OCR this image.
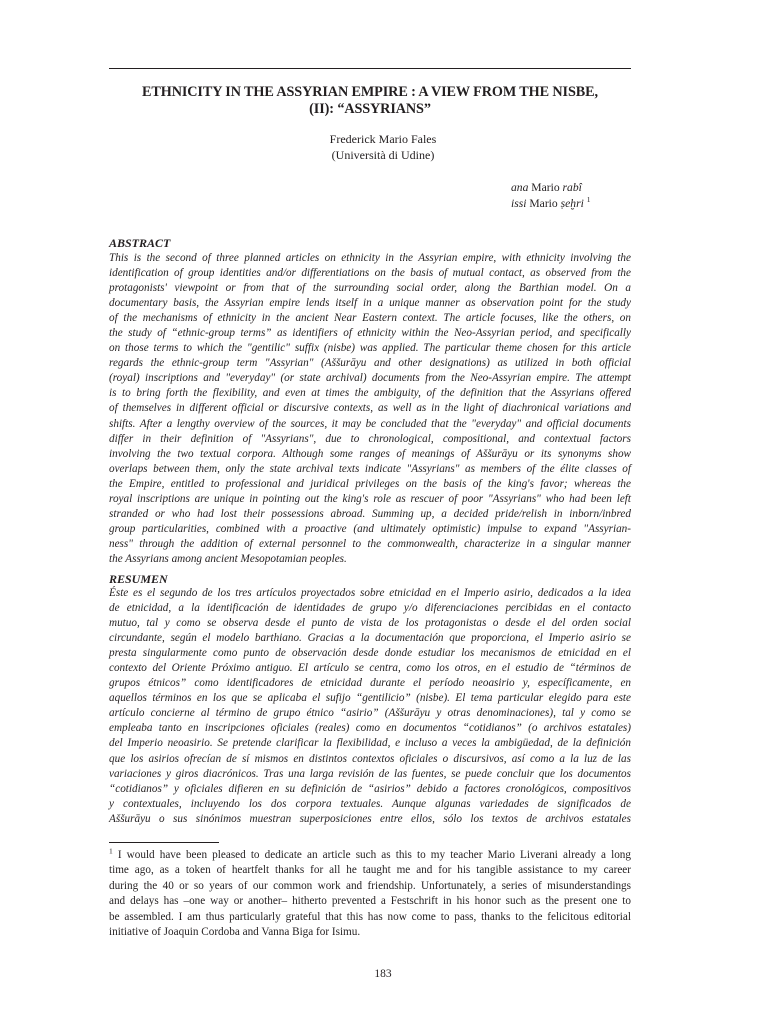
ETHNICITY IN THE ASSYRIAN EMPIRE : A VIEW FROM THE NISBE,
(II): “ASSYRIANS”
Frederick Mario Fales
(Università di Udine)
ana Mario rabî
issi Mario ṣeḫri $^1$
ABSTRACT
This is the second of three planned articles on ethnicity in the Assyrian empire, with ethnicity involving the
identification of group identities and/or differentiations on the basis of mutual contact, as observed from the
protagonists' viewpoint or from that of the surrounding social order, along the Barthian model. On a
documentary basis, the Assyrian empire lends itself in a unique manner as observation point for the study
of the mechanisms of ethnicity in the ancient Near Eastern context. The article focuses, like the others, on
the study of “ethnic-group terms” as identifiers of ethnicity within the Neo-Assyrian period, and specifically
on those terms to which the "gentilic" suffix (nisbe) was applied. The particular theme chosen for this article
regards the ethnic-group term "Assyrian" (Aššurāyu and other designations) as utilized in both official
(royal) inscriptions and "everyday" (or state archival) documents from the Neo-Assyrian empire. The attempt
is to bring forth the flexibility, and even at times the ambiguity, of the definition that the Assyrians offered
of themselves in different official or discursive contexts, as well as in the light of diachronical variations and
shifts. After a lengthy overview of the sources, it may be concluded that the "everyday" and official documents
differ in their definition of "Assyrians", due to chronological, compositional, and contextual factors
involving the two textual corpora. Although some ranges of meanings of Aššurāyu or its synonyms show
overlaps between them, only the state archival texts indicate "Assyrians" as members of the élite classes of
the Empire, entitled to professional and juridical privileges on the basis of the king's favor; whereas the
royal inscriptions are unique in pointing out the king's role as rescuer of poor "Assyrians" who had been left
stranded or who had lost their possessions abroad. Summing up, a decided pride/relish in inborn/inbred
group particularities, combined with a proactive (and ultimately optimistic) impulse to expand "Assyrian-
ness" through the addition of external personnel to the commonwealth, characterize in a singular manner
the Assyrians among ancient Mesopotamian peoples.
RESUMEN
Éste es el segundo de los tres artículos proyectados sobre etnicidad en el Imperio asirio, dedicados a la idea
de etnicidad, a la identificación de identidades de grupo y/o diferenciaciones percibidas en el contacto
mutuo, tal y como se observa desde el punto de vista de los protagonistas o desde el del orden social
circundante, según el modelo barthiano. Gracias a la documentación que proporciona, el Imperio asirio se
presta singularmente como punto de observación desde donde estudiar los mecanismos de etnicidad en el
contexto del Oriente Próximo antiguo. El artículo se centra, como los otros, en el estudio de “términos de
grupos étnicos” como identificadores de etnicidad durante el período neoasirio y, específicamente, en
aquellos términos en los que se aplicaba el sufijo “gentilicio” (nisbe). El tema particular elegido para este
artículo concierne al término de grupo étnico “asirio” (Aššurāyu y otras denominaciones), tal y como se
empleaba tanto en inscripciones oficiales (reales) como en documentos “cotidianos” (o archivos estatales)
del Imperio neoasirio. Se pretende clarificar la flexibilidad, e incluso a veces la ambigüedad, de la definición
que los asirios ofrecían de sí mismos en distintos contextos oficiales o discursivos, así como a la luz de las
variaciones y giros diacrónicos. Tras una larga revisión de las fuentes, se puede concluir que los documentos
“cotidianos” y oficiales difieren en su definición de “asirios” debido a factores cronológicos, compositivos
y contextuales, incluyendo los dos corpora textuales. Aunque algunas variedades de significados de
Aššurāyu o sus sinónimos muestran superposiciones entre ellos, sólo los textos de archivos estatales
$^1$ I would have been pleased to dedicate an article such as this to my teacher Mario Liverani already a long
time ago, as a token of heartfelt thanks for all he taught me and for his tangible assistance to my career
during the 40 or so years of our common work and friendship. Unfortunately, a series of misunderstandings
and delays has –one way or another– hitherto prevented a Festschrift in his honor such as the present one to
be assembled. I am thus particularly grateful that this has now come to pass, thanks to the felicitous editorial
initiative of Joaquin Cordoba and Vanna Biga for Isimu.
183
